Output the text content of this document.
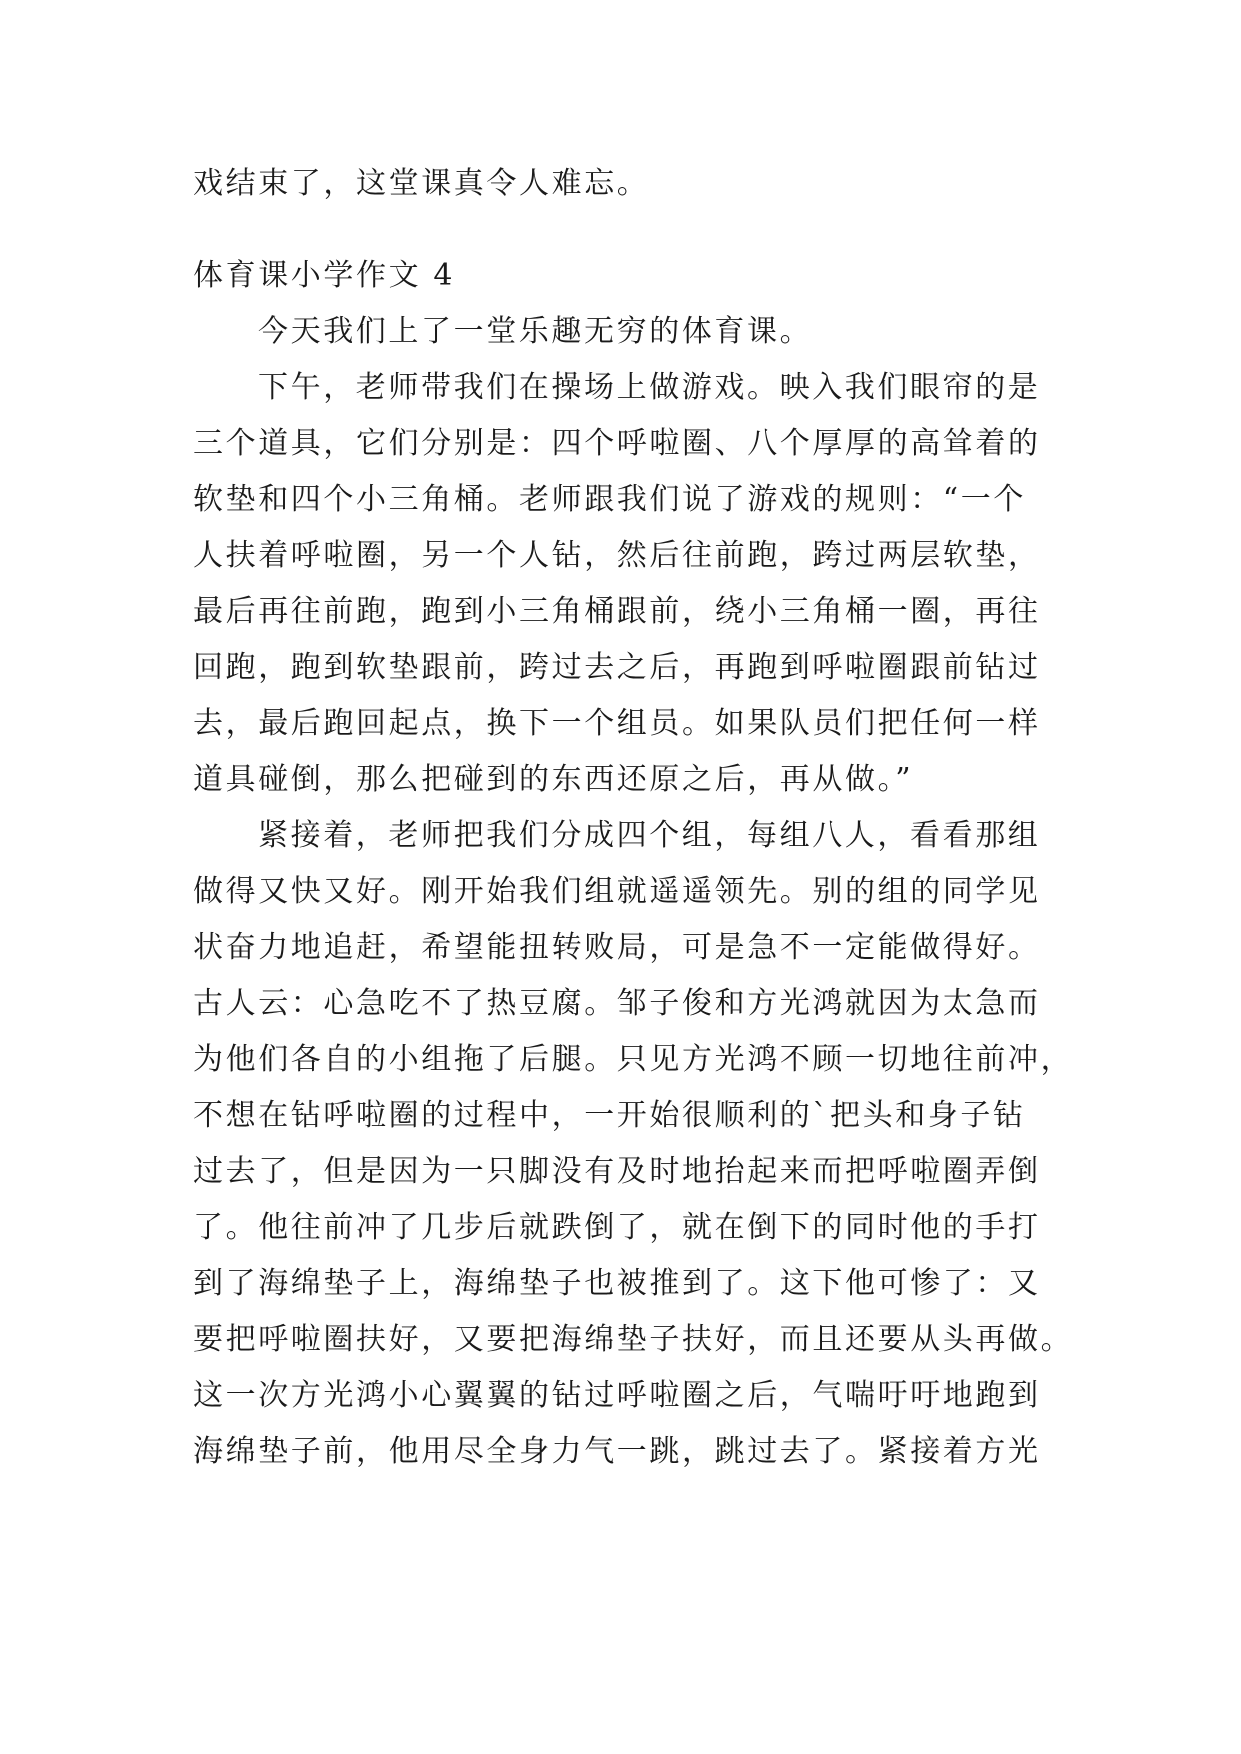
戏结束了，这堂课真令人难忘。
体育课小学作文 4
今天我们上了一堂乐趣无穷的体育课。
下午，老师带我们在操场上做游戏。映入我们眼帘的是
三个道具，它们分别是：四个呼啦圈、八个厚厚的高耸着的
软垫和四个小三角桶。老师跟我们说了游戏的规则：“一个
人扶着呼啦圈，另一个人钻，然后往前跑，跨过两层软垫，
最后再往前跑，跑到小三角桶跟前，绕小三角桶一圈，再往
回跑，跑到软垫跟前，跨过去之后，再跑到呼啦圈跟前钻过
去，最后跑回起点，换下一个组员。如果队员们把任何一样
道具碰倒，那么把碰到的东西还原之后，再从做。”
紧接着，老师把我们分成四个组，每组八人，看看那组
做得又快又好。刚开始我们组就遥遥领先。别的组的同学见
状奋力地追赶，希望能扭转败局，可是急不一定能做得好。
古人云：心急吃不了热豆腐。邹子俊和方光鸿就因为太急而
为他们各自的小组拖了后腿。只见方光鸿不顾一切地往前冲，
不想在钻呼啦圈的过程中，一开始很顺利的`把头和身子钻
过去了，但是因为一只脚没有及时地抬起来而把呼啦圈弄倒
了。他往前冲了几步后就跌倒了，就在倒下的同时他的手打
到了海绵垫子上，海绵垫子也被推到了。这下他可惨了：又
要把呼啦圈扶好，又要把海绵垫子扶好，而且还要从头再做。
这一次方光鸿小心翼翼的钻过呼啦圈之后，气喘吁吁地跑到
海绵垫子前，他用尽全身力气一跳，跳过去了。紧接着方光
